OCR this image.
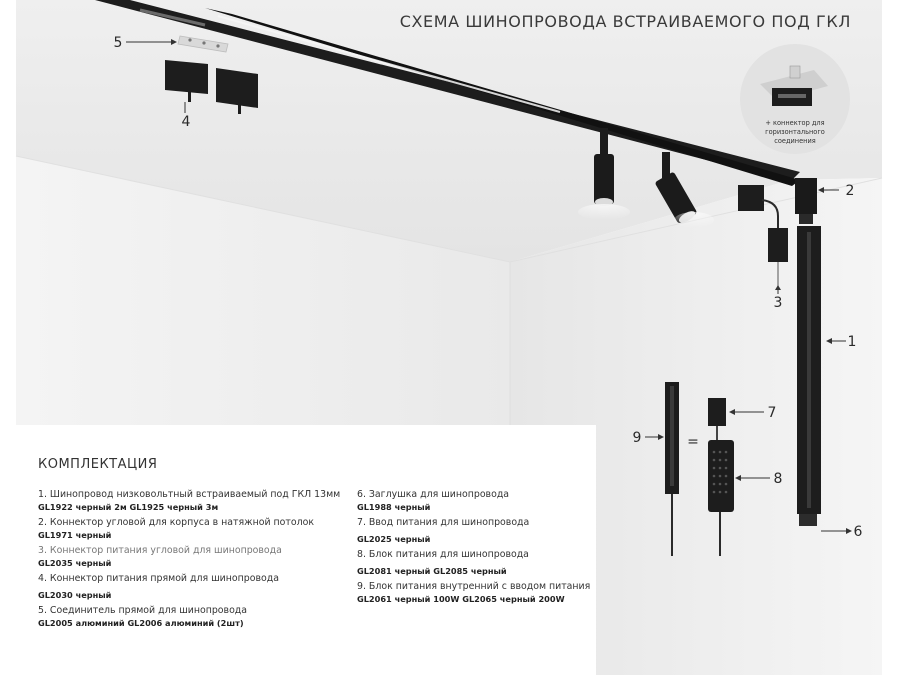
СХЕМА ШИНОПРОВОДА ВСТРАИВАЕМОГО ПОД ГКЛ
1
2
3
4
5
6
7
8
9	=
+ коннектор для
горизонтального
соединения
КОМПЛЕКТАЦИЯ
1. Шинопровод низковольтный встраиваемый под ГКЛ 13мм
GL1922 черный 2м GL1925 черный 3м
2. Коннектор угловой для корпуса в натяжной потолок
GL1971 черный
3. Коннектор питания угловой для шинопровода
GL2035 черный
4. Коннектор питания прямой для шинопровода
GL2030 черный
5. Соединитель прямой для шинопровода
GL2005 алюминий GL2006 алюминий (2шт)
6. Заглушка для шинопровода
GL1988 черный
7. Ввод питания для шинопровода
GL2025 черный
8. Блок питания для шинопровода
GL2081 черный GL2085 черный
9. Блок питания внутренний с вводом питания
GL2061 черный 100W GL2065 черный 200W
